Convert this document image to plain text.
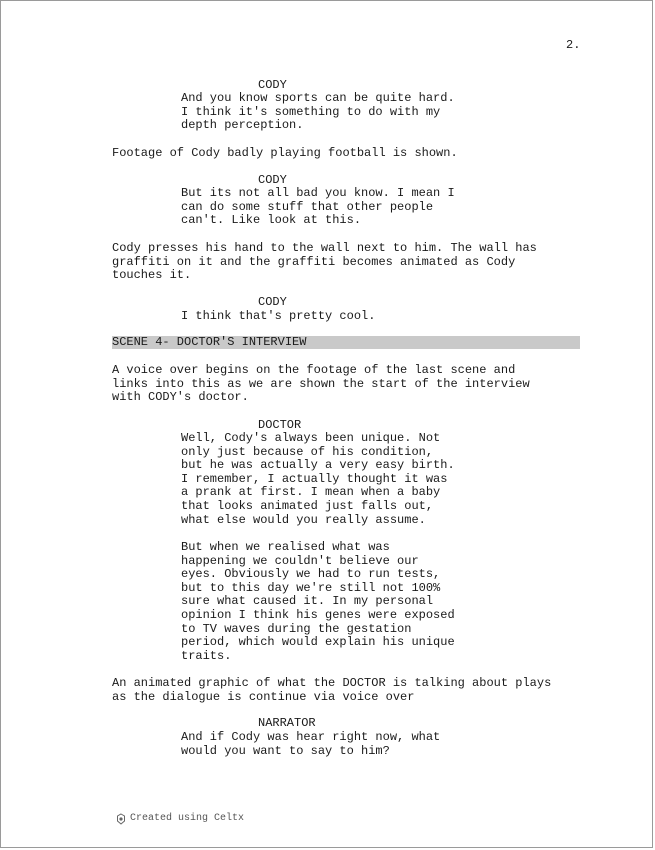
2.
CODY
And you know sports can be quite hard.
I think it's something to do with my
depth perception.
Footage of Cody badly playing football is shown.
CODY
But its not all bad you know. I mean I
can do some stuff that other people
can't. Like look at this.
Cody presses his hand to the wall next to him. The wall has
graffiti on it and the graffiti becomes animated as Cody
touches it.
CODY
I think that's pretty cool.
SCENE 4- DOCTOR'S INTERVIEW
A voice over begins on the footage of the last scene and
links into this as we are shown the start of the interview
with CODY's doctor.
DOCTOR
Well, Cody's always been unique. Not
only just because of his condition,
but he was actually a very easy birth.
I remember, I actually thought it was
a prank at first. I mean when a baby
that looks animated just falls out,
what else would you really assume.
But when we realised what was
happening we couldn't believe our
eyes. Obviously we had to run tests,
but to this day we're still not 100%
sure what caused it. In my personal
opinion I think his genes were exposed
to TV waves during the gestation
period, which would explain his unique
traits.
An animated graphic of what the DOCTOR is talking about plays
as the dialogue is continue via voice over
NARRATOR
And if Cody was hear right now, what
would you want to say to him?
Created using Celtx
